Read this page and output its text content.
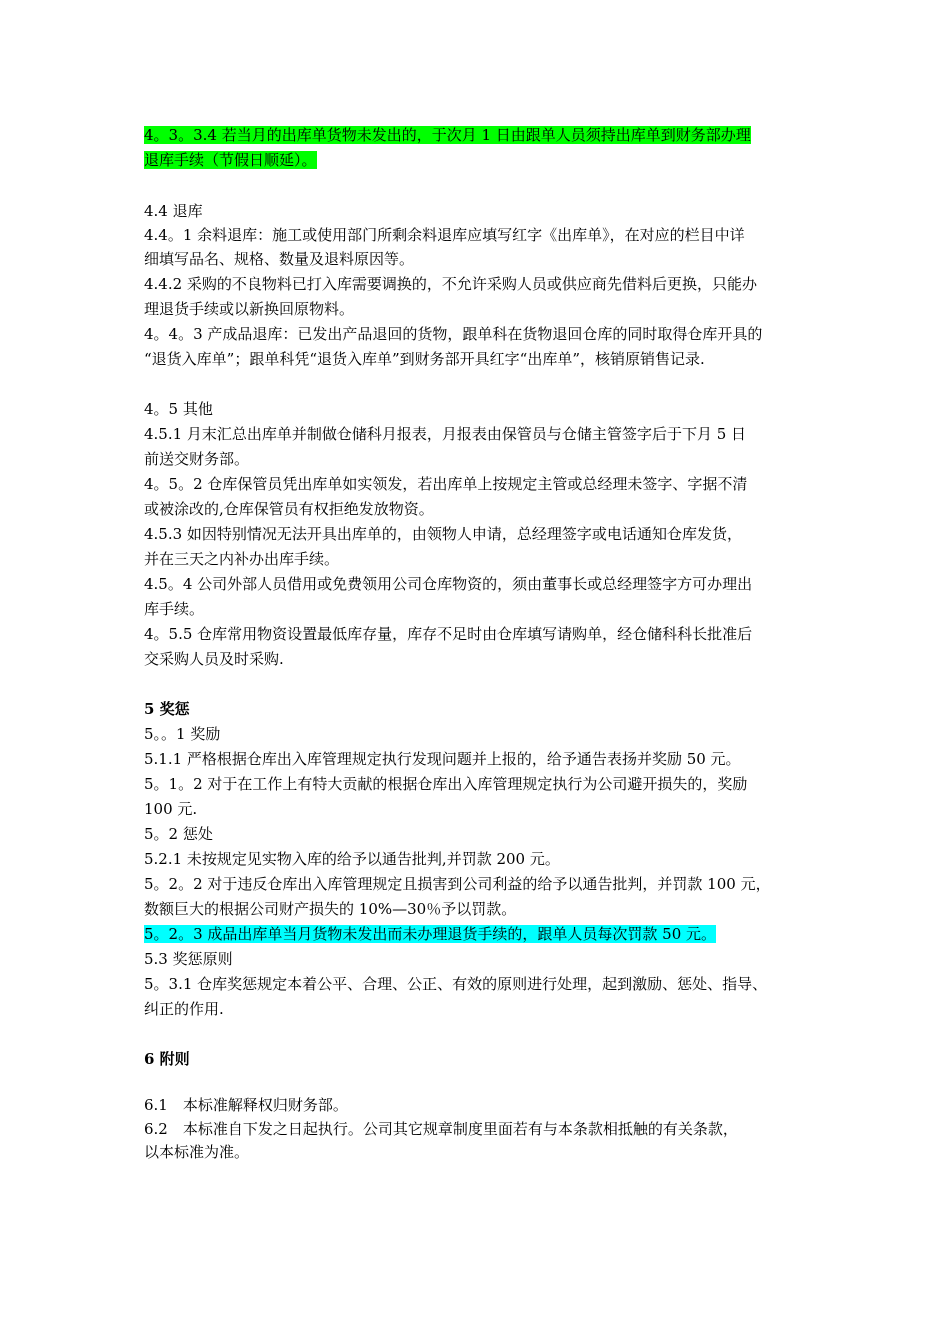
4。3。3.4 若当月的出库单货物未发出的，于次月 1 日由跟单人员须持出库单到财务部办理
退库手续（节假日顺延）。
4.4 退库
4.4。1 余料退库：施工或使用部门所剩余料退库应填写红字《出库单》，在对应的栏目中详
细填写品名、规格、数量及退料原因等。
4.4.2 采购的不良物料已打入库需要调换的，不允许采购人员或供应商先借料后更换，只能办
理退货手续或以新换回原物料。
4。4。3 产成品退库：已发出产品退回的货物，跟单科在货物退回仓库的同时取得仓库开具的
“退货入库单”；跟单科凭“退货入库单”到财务部开具红字“出库单”，核销原销售记录.
4。5 其他
4.5.1 月末汇总出库单并制做仓储科月报表，月报表由保管员与仓储主管签字后于下月 5 日
前送交财务部。
4。5。2 仓库保管员凭出库单如实领发，若出库单上按规定主管或总经理未签字、字据不清
或被涂改的,仓库保管员有权拒绝发放物资。
4.5.3 如因特别情况无法开具出库单的，由领物人申请，总经理签字或电话通知仓库发货，
并在三天之内补办出库手续。
4.5。4 公司外部人员借用或免费领用公司仓库物资的，须由董事长或总经理签字方可办理出
库手续。
4。5.5 仓库常用物资设置最低库存量，库存不足时由仓库填写请购单，经仓储科科长批准后
交采购人员及时采购.
5 奖惩
5。。1 奖励
5.1.1 严格根据仓库出入库管理规定执行发现问题并上报的，给予通告表扬并奖励 50 元。
5。1。2 对于在工作上有特大贡献的根据仓库出入库管理规定执行为公司避开损失的，奖励
100 元.
5。2 惩处
5.2.1 未按规定见实物入库的给予以通告批判,并罚款 200 元。
5。2。2 对于违反仓库出入库管理规定且损害到公司利益的给予以通告批判，并罚款 100 元，
数额巨大的根据公司财产损失的 10%—30％予以罚款。
5。2。3 成品出库单当月货物未发出而未办理退货手续的，跟单人员每次罚款 50 元。
5.3 奖惩原则
5。3.1 仓库奖惩规定本着公平、合理、公正、有效的原则进行处理，起到激励、惩处、指导、
纠正的作用.
6 附则
6.1　本标准解释权归财务部。
6.2　本标准自下发之日起执行。公司其它规章制度里面若有与本条款相抵触的有关条款，
以本标准为准。
